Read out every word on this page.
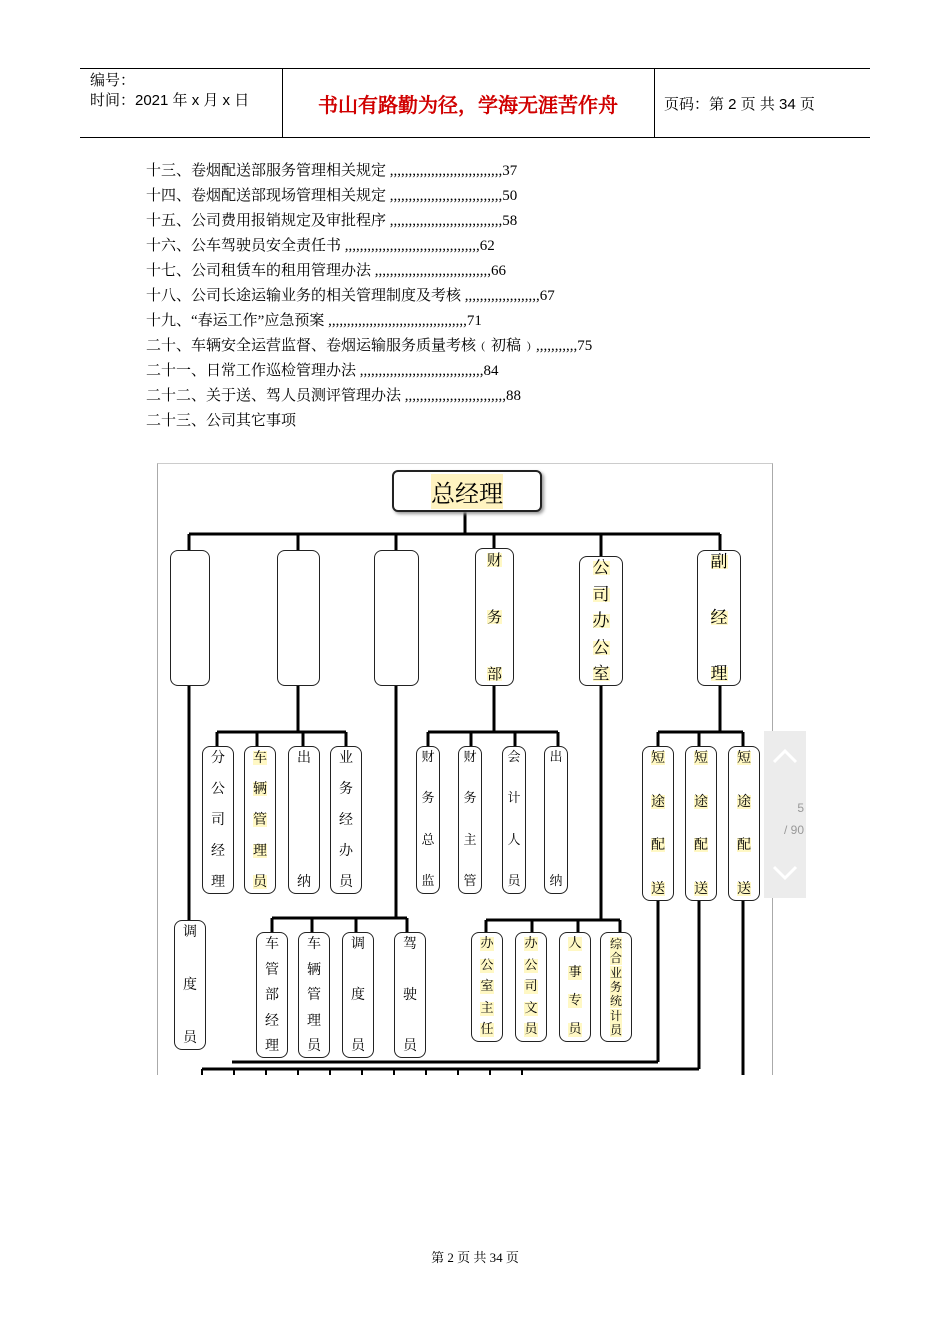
编号：
时间：2021 年 x 月 x 日	书山有路勤为径，学海无涯苦作舟	页码：第 2 页 共 34 页
十三、卷烟配送部服务管理相关规定 ,,,,,,,,,,,,,,,,,,,,,,,,,,,,,,37
十四、卷烟配送部现场管理相关规定 ,,,,,,,,,,,,,,,,,,,,,,,,,,,,,,50
十五、公司费用报销规定及审批程序 ,,,,,,,,,,,,,,,,,,,,,,,,,,,,,,58
十六、公车驾驶员安全责任书 ,,,,,,,,,,,,,,,,,,,,,,,,,,,,,,,,,,,,62
十七、公司租赁车的租用管理办法 ,,,,,,,,,,,,,,,,,,,,,,,,,,,,,,,66
十八、公司长途运输业务的相关管理制度及考核 ,,,,,,,,,,,,,,,,,,,,67
十九、“春运工作”应急预案 ,,,,,,,,,,,,,,,,,,,,,,,,,,,,,,,,,,,,,71
二十、车辆安全运营监督、卷烟运输服务质量考核﹙初稿﹚,,,,,,,,,,,75
二十一、日常工作巡检管理办法 ,,,,,,,,,,,,,,,,,,,,,,,,,,,,,,,,,84
二十二、关于送、驾人员测评管理办法 ,,,,,,,,,,,,,,,,,,,,,,,,,,,88
二十三、公司其它事项
总经理

财
务
部
公
司
办
公
室
副
经
理
分
公
司
经
理
车
辆
管
理
员
出
纳
业
务
经
办
员
财
务
总
监
财
务
主
管
会
计
人
员
出
纳
短
途
配
送
短
途
配
送
短
途
配
送
调
度
员
车
管
部
经
理
车
辆
管
理
员
调
度
员
驾
驶
员
办
公
室
主
任
办
公
司
文
员
人
事
专
员
综
合
业
务
统
计
员
5
/ 90
第 2 页 共 34 页
